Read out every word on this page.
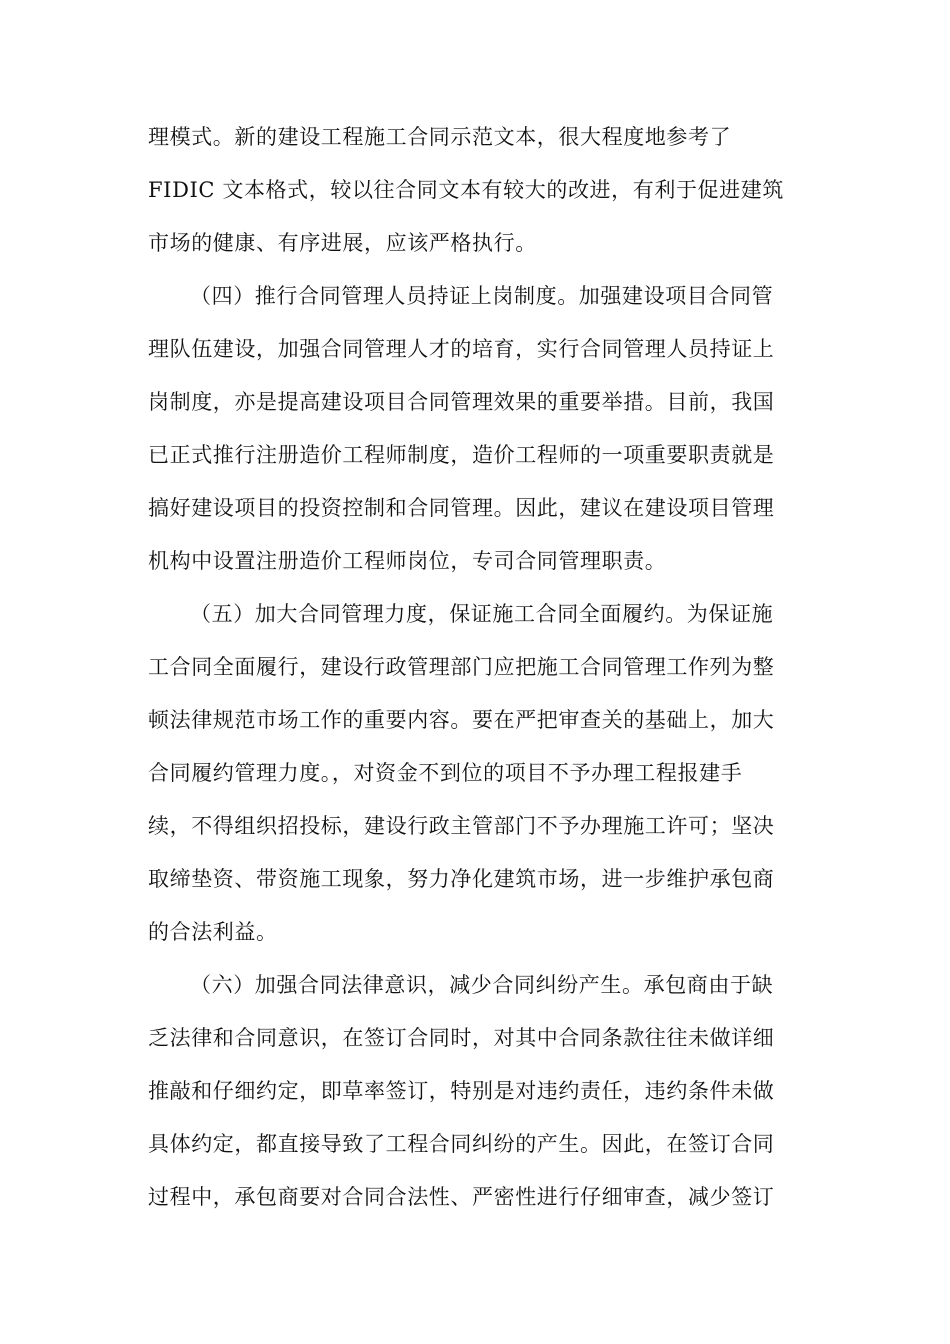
理模式。新的建设工程施工合同示范文本，很大程度地参考了
FIDIC 文本格式，较以往合同文本有较大的改进，有利于促进建筑
市场的健康、有序进展，应该严格执行。
（四）推行合同管理人员持证上岗制度。加强建设项目合同管
理队伍建设，加强合同管理人才的培育，实行合同管理人员持证上
岗制度，亦是提高建设项目合同管理效果的重要举措。目前，我国
已正式推行注册造价工程师制度，造价工程师的一项重要职责就是
搞好建设项目的投资控制和合同管理。因此，建议在建设项目管理
机构中设置注册造价工程师岗位，专司合同管理职责。
（五）加大合同管理力度，保证施工合同全面履约。为保证施
工合同全面履行，建设行政管理部门应把施工合同管理工作列为整
顿法律规范市场工作的重要内容。要在严把审查关的基础上，加大
合同履约管理力度。，对资金不到位的项目不予办理工程报建手
续，不得组织招投标，建设行政主管部门不予办理施工许可；坚决
取缔垫资、带资施工现象，努力净化建筑市场，进一步维护承包商
的合法利益。
（六）加强合同法律意识，减少合同纠纷产生。承包商由于缺
乏法律和合同意识，在签订合同时，对其中合同条款往往未做详细
推敲和仔细约定，即草率签订，特别是对违约责任，违约条件未做
具体约定，都直接导致了工程合同纠纷的产生。因此，在签订合同
过程中，承包商要对合同合法性、严密性进行仔细审查，减少签订
